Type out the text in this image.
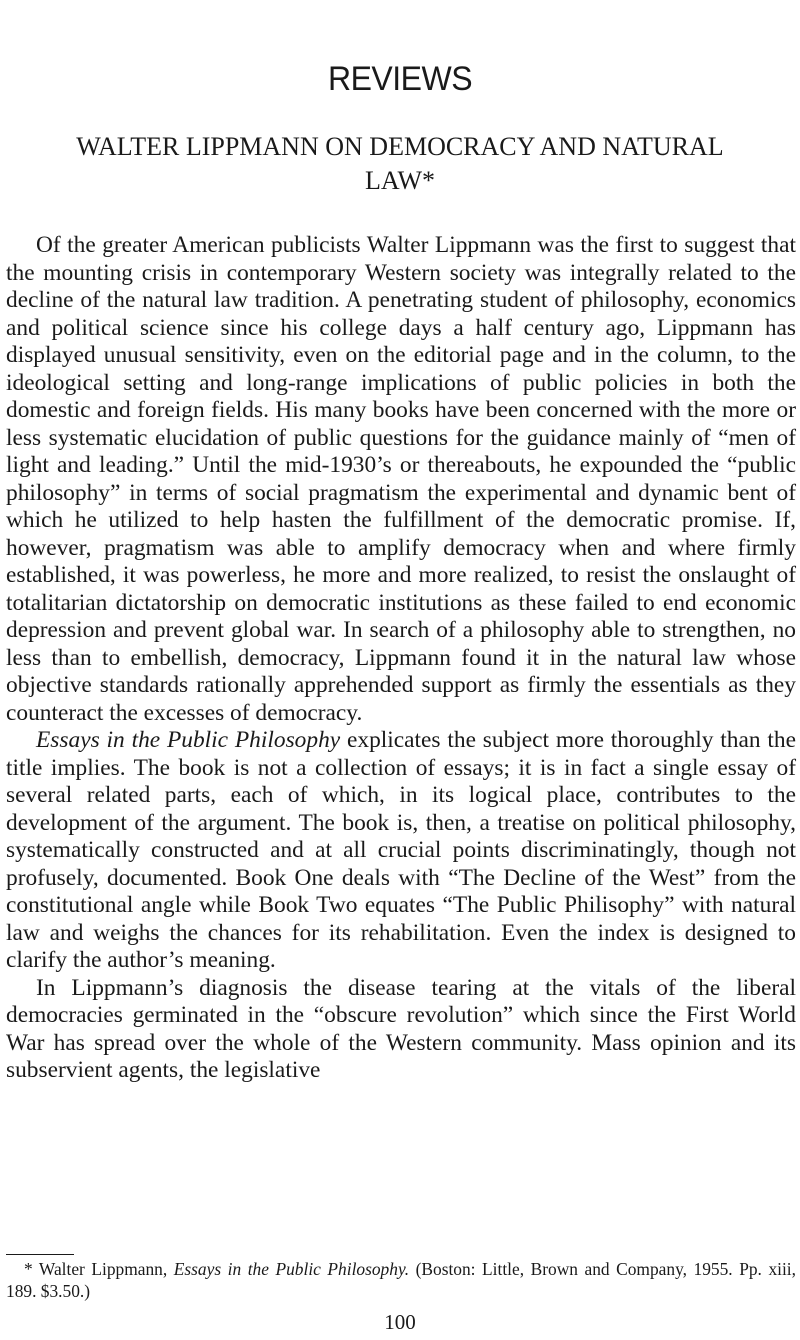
REVIEWS
WALTER LIPPMANN ON DEMOCRACY AND NATURAL LAW*

Of the greater American publicists Walter Lippmann was the first to suggest that the mounting crisis in contemporary Western society was integrally related to the decline of the natural law tradition. A penetrating student of philosophy, economics and political science since his college days a half century ago, Lippmann has displayed unusual sensitivity, even on the editorial page and in the column, to the ideological setting and long-range implications of public policies in both the domestic and foreign fields. His many books have been concerned with the more or less systematic elucidation of public questions for the guidance mainly of “men of light and leading.” Until the mid-1930’s or thereabouts, he expounded the “public philosophy” in terms of social pragmatism the experimental and dynamic bent of which he utilized to help hasten the fulfillment of the democratic promise. If, however, pragmatism was able to amplify democracy when and where firmly established, it was powerless, he more and more realized, to resist the onslaught of totalitarian dictatorship on democratic institutions as these failed to end economic depression and prevent global war. In search of a philosophy able to strengthen, no less than to embellish, democracy, Lippmann found it in the natural law whose objective standards rationally apprehended support as firmly the essentials as they counteract the excesses of democracy.

Essays in the Public Philosophy explicates the subject more thoroughly than the title implies. The book is not a collection of essays; it is in fact a single essay of several related parts, each of which, in its logical place, contributes to the development of the argument. The book is, then, a treatise on political philosophy, systematically constructed and at all crucial points discriminatingly, though not profusely, documented. Book One deals with “The Decline of the West” from the constitutional angle while Book Two equates “The Public Philisophy” with natural law and weighs the chances for its rehabilitation. Even the index is designed to clarify the author’s meaning.

In Lippmann’s diagnosis the disease tearing at the vitals of the liberal democracies germinated in the “obscure revolution” which since the First World War has spread over the whole of the Western community. Mass opinion and its subservient agents, the legislative

* Walter Lippmann, Essays in the Public Philosophy. (Boston: Little, Brown and Company, 1955. Pp. xiii, 189. $3.50.)

100
